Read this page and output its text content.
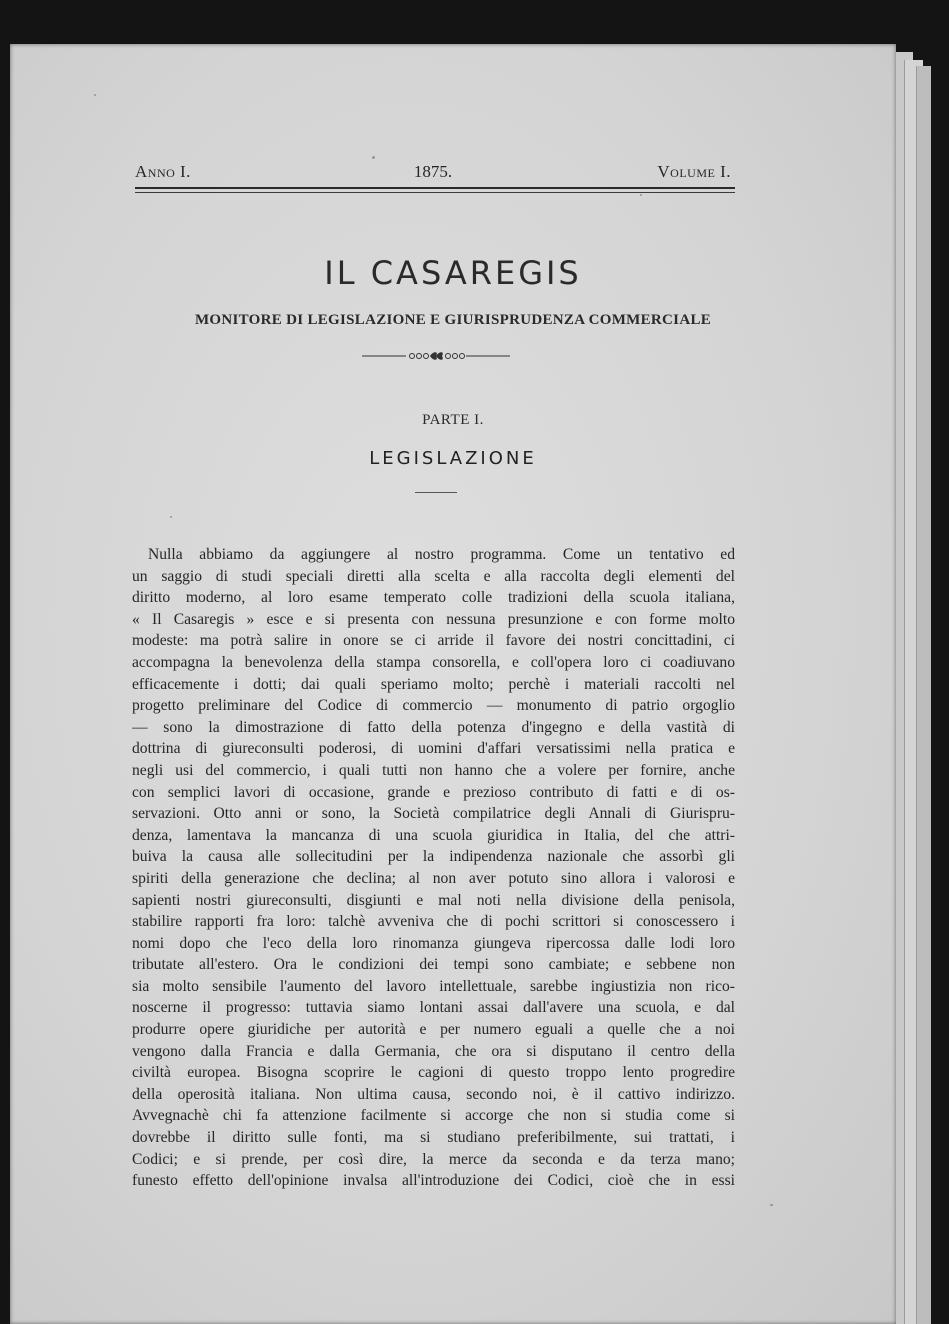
Anno I.	1875.	Volume I.
IL CASAREGIS
MONITORE DI LEGISLAZIONE E GIURISPRUDENZA COMMERCIALE
PARTE I.
LEGISLAZIONE
Nulla abbiamo da aggiungere al nostro programma. Come un tentativo ed
un saggio di studi speciali diretti alla scelta e alla raccolta degli elementi del
diritto moderno, al loro esame temperato colle tradizioni della scuola italiana,
« Il Casaregis » esce e si presenta con nessuna presunzione e con forme molto
modeste: ma potrà salire in onore se ci arride il favore dei nostri concittadini, ci
accompagna la benevolenza della stampa consorella, e coll'opera loro ci coadiuvano
efficacemente i dotti; dai quali speriamo molto; perchè i materiali raccolti nel
progetto preliminare del Codice di commercio — monumento di patrio orgoglio
— sono la dimostrazione di fatto della potenza d'ingegno e della vastità di
dottrina di giureconsulti poderosi, di uomini d'affari versatissimi nella pratica e
negli usi del commercio, i quali tutti non hanno che a volere per fornire, anche
con semplici lavori di occasione, grande e prezioso contributo di fatti e di os-
servazioni. Otto anni or sono, la Società compilatrice degli Annali di Giurispru-
denza, lamentava la mancanza di una scuola giuridica in Italia, del che attri-
buiva la causa alle sollecitudini per la indipendenza nazionale che assorbì gli
spiriti della generazione che declina; al non aver potuto sino allora i valorosi e
sapienti nostri giureconsulti, disgiunti e mal noti nella divisione della penisola,
stabilire rapporti fra loro: talchè avveniva che di pochi scrittori si conoscessero i
nomi dopo che l'eco della loro rinomanza giungeva ripercossa dalle lodi loro
tributate all'estero. Ora le condizioni dei tempi sono cambiate; e sebbene non
sia molto sensibile l'aumento del lavoro intellettuale, sarebbe ingiustizia non rico-
noscerne il progresso: tuttavia siamo lontani assai dall'avere una scuola, e dal
produrre opere giuridiche per autorità e per numero eguali a quelle che a noi
vengono dalla Francia e dalla Germania, che ora si disputano il centro della
civiltà europea. Bisogna scoprire le cagioni di questo troppo lento progredire
della operosità italiana. Non ultima causa, secondo noi, è il cattivo indirizzo.
Avvegnachè chi fa attenzione facilmente si accorge che non si studia come si
dovrebbe il diritto sulle fonti, ma si studiano preferibilmente, sui trattati, i
Codici; e si prende, per così dire, la merce da seconda e da terza mano;
funesto effetto dell'opinione invalsa all'introduzione dei Codici, cioè che in essi
